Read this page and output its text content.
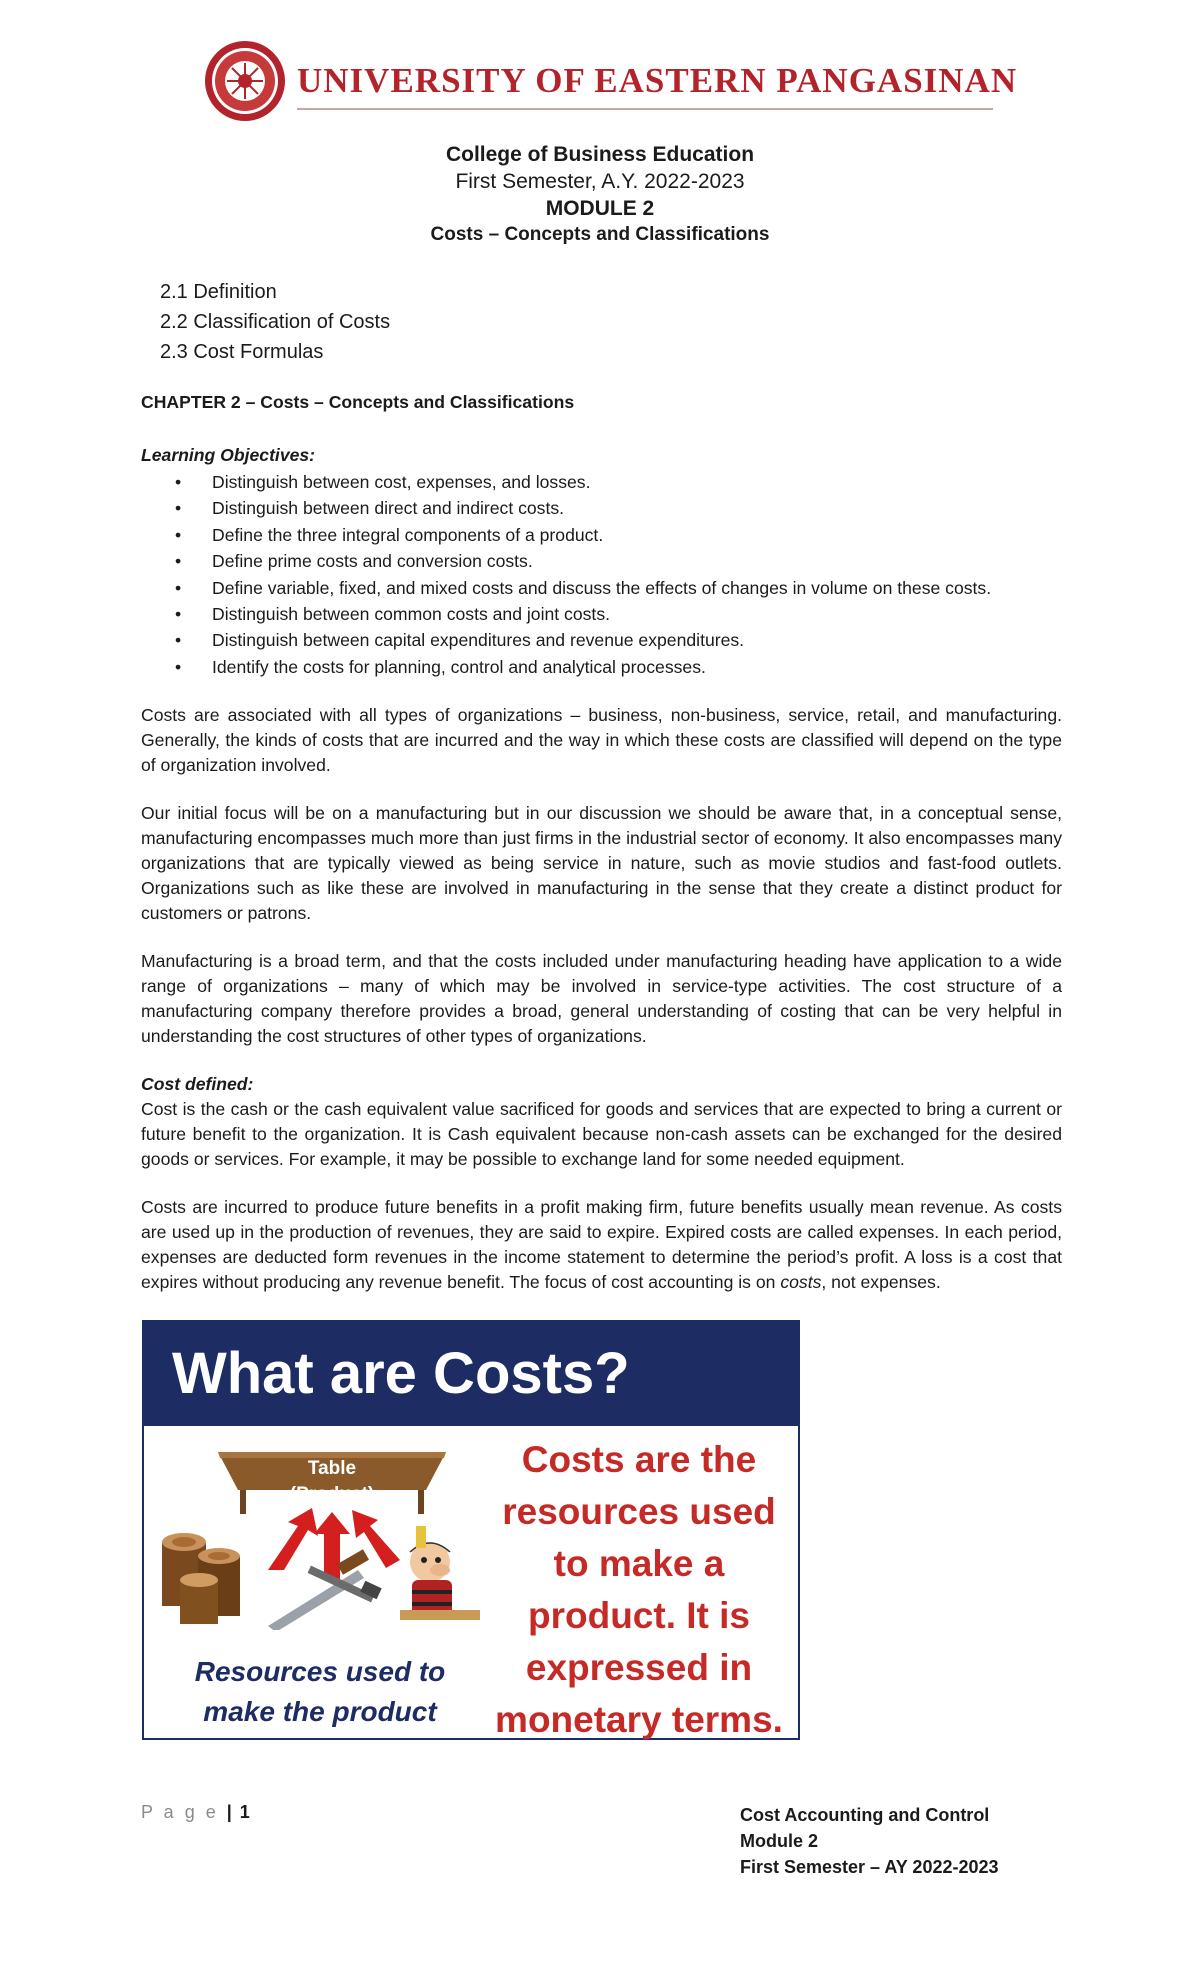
UNIVERSITY OF EASTERN PANGASINAN
College of Business Education
First Semester, A.Y. 2022-2023
MODULE 2
Costs – Concepts and Classifications
2.1 Definition
2.2 Classification of Costs
2.3 Cost Formulas
CHAPTER 2 – Costs – Concepts and Classifications
Learning Objectives:
• Distinguish between cost, expenses, and losses.
• Distinguish between direct and indirect costs.
• Define the three integral components of a product.
• Define prime costs and conversion costs.
• Define variable, fixed, and mixed costs and discuss the effects of changes in volume on these costs.
• Distinguish between common costs and joint costs.
• Distinguish between capital expenditures and revenue expenditures.
• Identify the costs for planning, control and analytical processes.
Costs are associated with all types of organizations – business, non-business, service, retail, and manufacturing. Generally, the kinds of costs that are incurred and the way in which these costs are classified will depend on the type of organization involved.
Our initial focus will be on a manufacturing but in our discussion we should be aware that, in a conceptual sense, manufacturing encompasses much more than just firms in the industrial sector of economy. It also encompasses many organizations that are typically viewed as being service in nature, such as movie studios and fast-food outlets. Organizations such as like these are involved in manufacturing in the sense that they create a distinct product for customers or patrons.
Manufacturing is a broad term, and that the costs included under manufacturing heading have application to a wide range of organizations – many of which may be involved in service-type activities. The cost structure of a manufacturing company therefore provides a broad, general understanding of costing that can be very helpful in understanding the cost structures of other types of organizations.
Cost defined:
Cost is the cash or the cash equivalent value sacrificed for goods and services that are expected to bring a current or future benefit to the organization. It is Cash equivalent because non-cash assets can be exchanged for the desired goods or services. For example, it may be possible to exchange land for some needed equipment.
Costs are incurred to produce future benefits in a profit making firm, future benefits usually mean revenue. As costs are used up in the production of revenues, they are said to expire. Expired costs are called expenses. In each period, expenses are deducted form revenues in the income statement to determine the period’s profit. A loss is a cost that expires without producing any revenue benefit. The focus of cost accounting is on costs, not expenses.
What are Costs?
Table
(Product)
Resources used to
make the product
Costs are the resources used to make a product. It is expressed in monetary terms.
P a g e | 1	Cost Accounting and Control
Module 2
First Semester – AY 2022-2023
